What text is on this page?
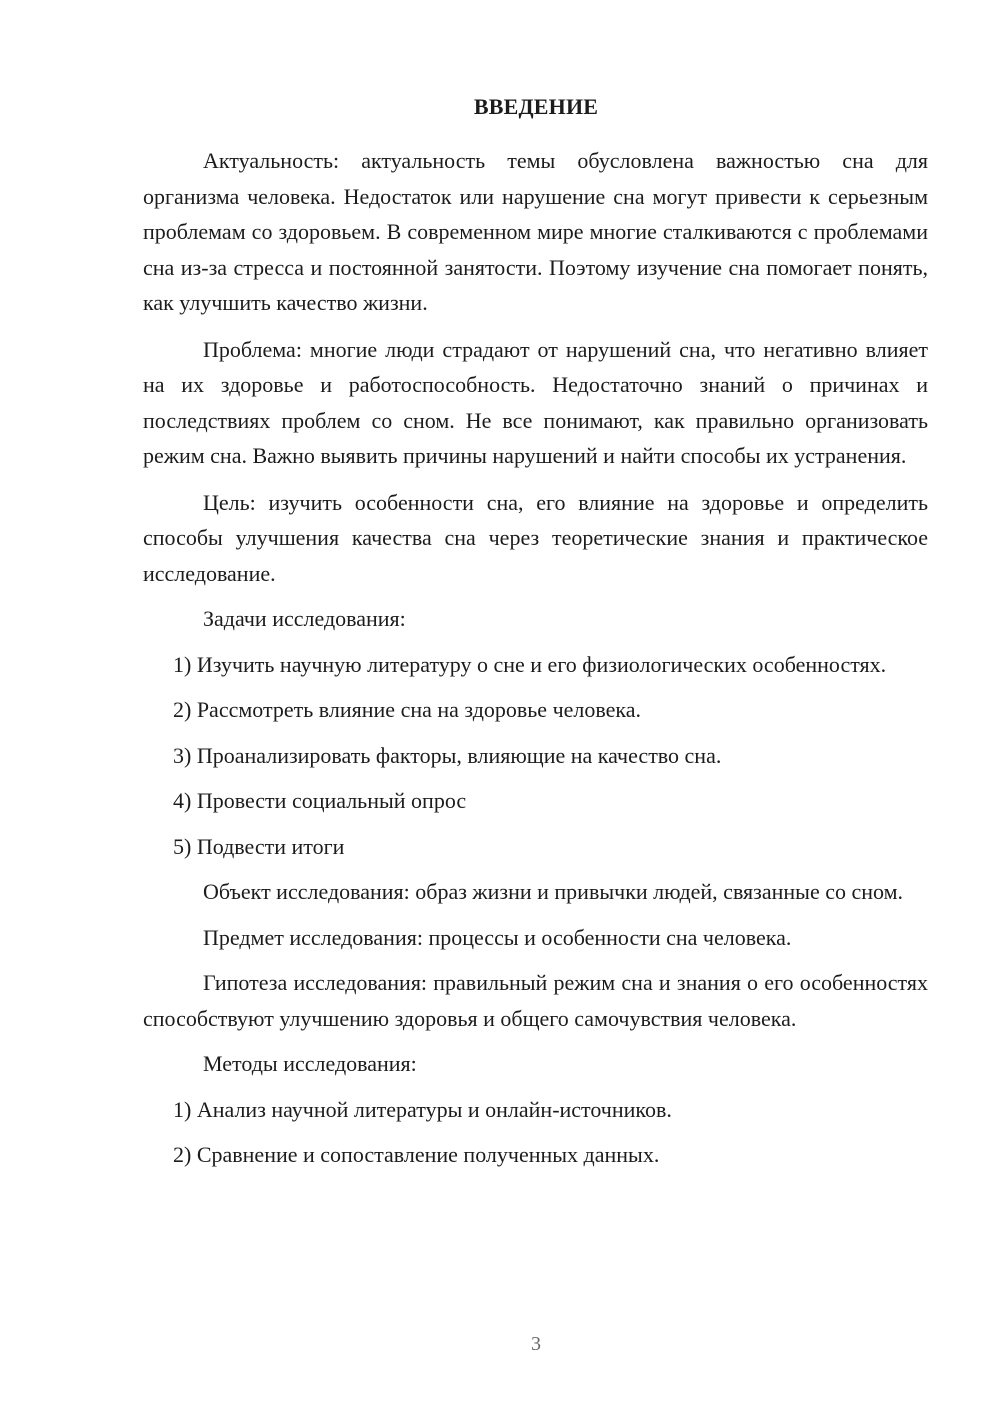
ВВЕДЕНИЕ

Актуальность: актуальность темы обусловлена важностью сна для организма человека. Недостаток или нарушение сна могут привести к серьезным проблемам со здоровьем. В современном мире многие сталкиваются с проблемами сна из-за стресса и постоянной занятости. Поэтому изучение сна помогает понять, как улучшить качество жизни.

Проблема: многие люди страдают от нарушений сна, что негативно влияет на их здоровье и работоспособность. Недостаточно знаний о причинах и последствиях проблем со сном. Не все понимают, как правильно организовать режим сна. Важно выявить причины нарушений и найти способы их устранения.

Цель: изучить особенности сна, его влияние на здоровье и определить способы улучшения качества сна через теоретические знания и практическое исследование.

Задачи исследования:

1) Изучить научную литературу о сне и его физиологических особенностях.

2) Рассмотреть влияние сна на здоровье человека.

3) Проанализировать факторы, влияющие на качество сна.

4) Провести социальный опрос

5) Подвести итоги

Объект исследования: образ жизни и привычки людей, связанные со сном.

Предмет исследования: процессы и особенности сна человека.

Гипотеза исследования: правильный режим сна и знания о его особенностях способствуют улучшению здоровья и общего самочувствия человека.

Методы исследования:

1) Анализ научной литературы и онлайн-источников.

2) Сравнение и сопоставление полученных данных.

3
